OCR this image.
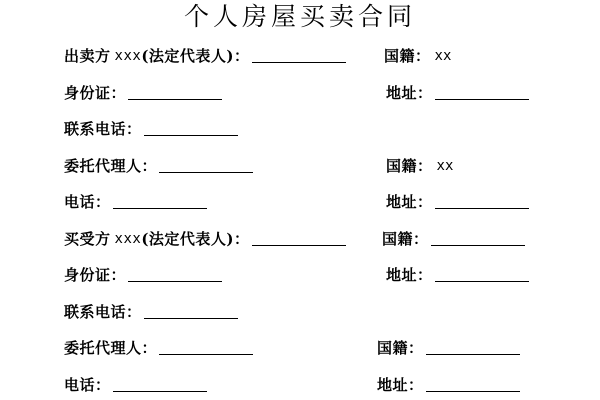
个人房屋买卖合同
出卖方 xxx (法定代表人)：	国籍： xx
身份证：	地址：
联系电话：
委托代理人：	国籍： xx
电话：	地址：
买受方 xxx (法定代表人)：	国籍：
身份证：	地址：
联系电话：
委托代理人：	国籍：
电话：	地址：
